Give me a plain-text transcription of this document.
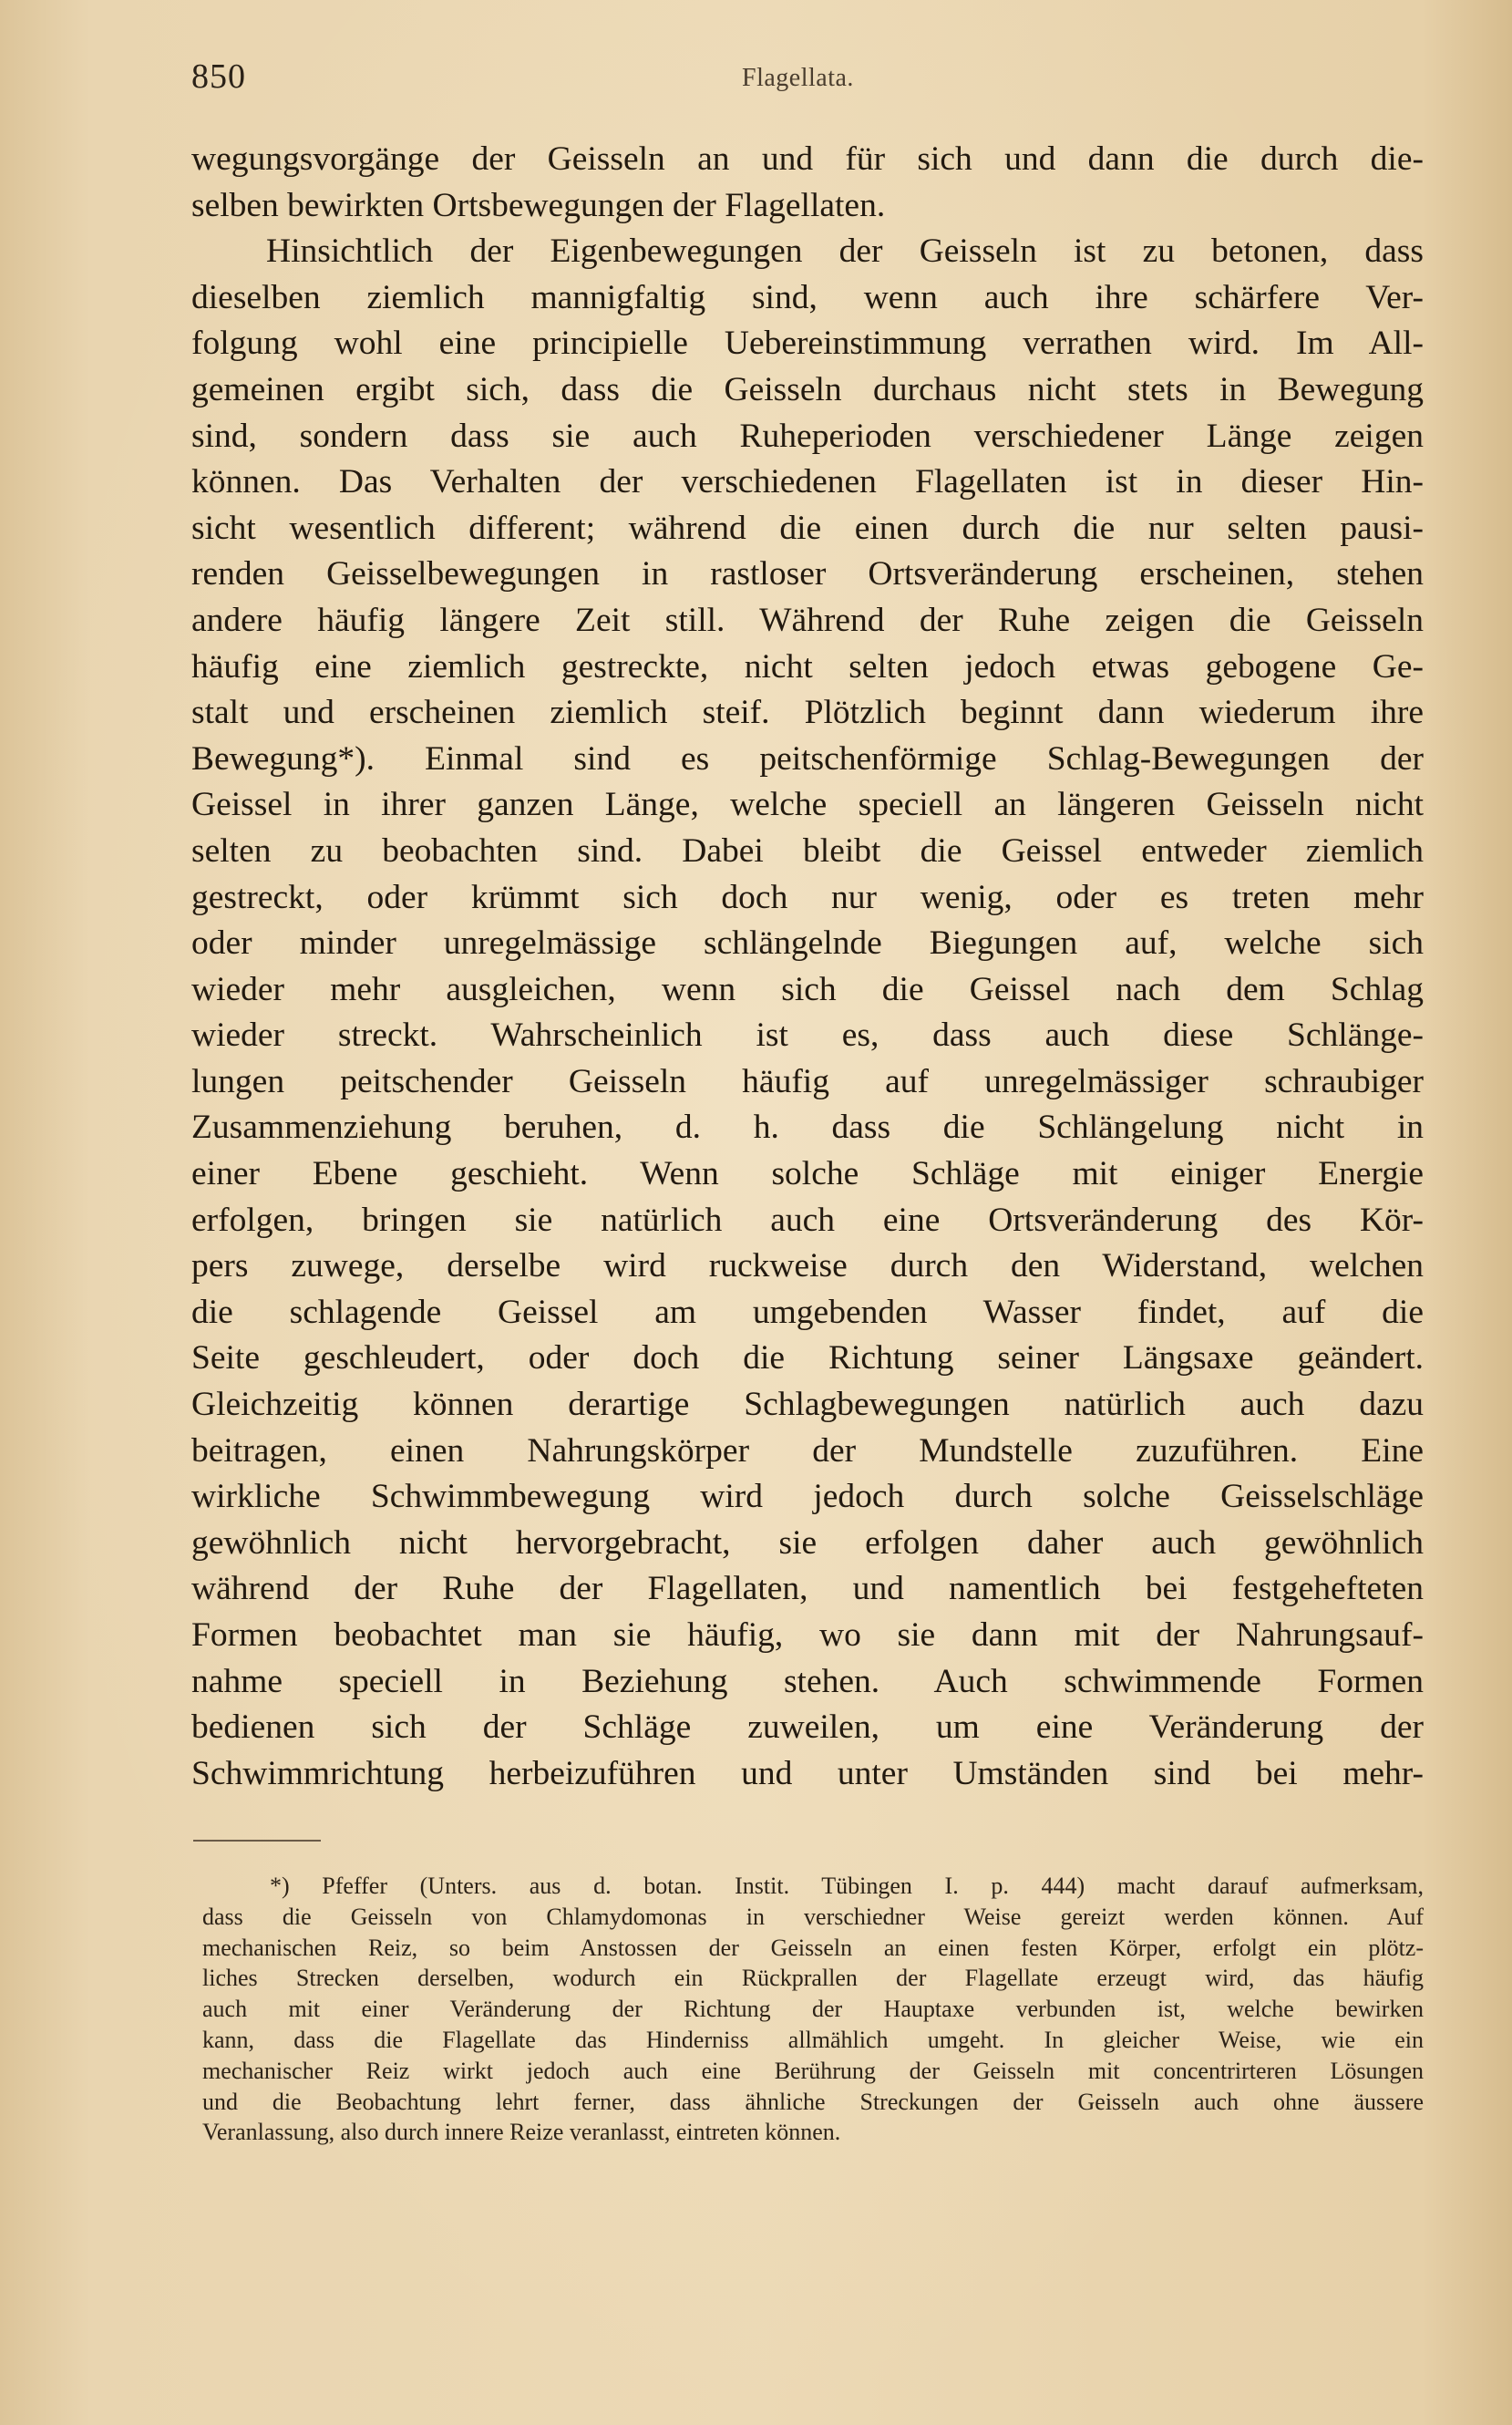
850	Flagellata.
wegungsvorgänge der Geisseln an und für sich und dann die durch die-
selben bewirkten Ortsbewegungen der Flagellaten.
Hinsichtlich der Eigenbewegungen der Geisseln ist zu betonen, dass
dieselben ziemlich mannigfaltig sind, wenn auch ihre schärfere Ver-
folgung wohl eine principielle Uebereinstimmung verrathen wird. Im All-
gemeinen ergibt sich, dass die Geisseln durchaus nicht stets in Bewegung
sind, sondern dass sie auch Ruheperioden verschiedener Länge zeigen
können. Das Verhalten der verschiedenen Flagellaten ist in dieser Hin-
sicht wesentlich different; während die einen durch die nur selten pausi-
renden Geisselbewegungen in rastloser Ortsveränderung erscheinen, stehen
andere häufig längere Zeit still. Während der Ruhe zeigen die Geisseln
häufig eine ziemlich gestreckte, nicht selten jedoch etwas gebogene Ge-
stalt und erscheinen ziemlich steif. Plötzlich beginnt dann wiederum ihre
Bewegung*). Einmal sind es peitschenförmige Schlag-Bewegungen der
Geissel in ihrer ganzen Länge, welche speciell an längeren Geisseln nicht
selten zu beobachten sind. Dabei bleibt die Geissel entweder ziemlich
gestreckt, oder krümmt sich doch nur wenig, oder es treten mehr
oder minder unregelmässige schlängelnde Biegungen auf, welche sich
wieder mehr ausgleichen, wenn sich die Geissel nach dem Schlag
wieder streckt. Wahrscheinlich ist es, dass auch diese Schlänge-
lungen peitschender Geisseln häufig auf unregelmässiger schraubiger
Zusammenziehung beruhen, d. h. dass die Schlängelung nicht in
einer Ebene geschieht. Wenn solche Schläge mit einiger Energie
erfolgen, bringen sie natürlich auch eine Ortsveränderung des Kör-
pers zuwege, derselbe wird ruckweise durch den Widerstand, welchen
die schlagende Geissel am umgebenden Wasser findet, auf die
Seite geschleudert, oder doch die Richtung seiner Längsaxe geändert.
Gleichzeitig können derartige Schlagbewegungen natürlich auch dazu
beitragen, einen Nahrungskörper der Mundstelle zuzuführen. Eine
wirkliche Schwimmbewegung wird jedoch durch solche Geisselschläge
gewöhnlich nicht hervorgebracht, sie erfolgen daher auch gewöhnlich
während der Ruhe der Flagellaten, und namentlich bei festgehefteten
Formen beobachtet man sie häufig, wo sie dann mit der Nahrungsauf-
nahme speciell in Beziehung stehen. Auch schwimmende Formen
bedienen sich der Schläge zuweilen, um eine Veränderung der
Schwimmrichtung herbeizuführen und unter Umständen sind bei mehr-
*) Pfeffer (Unters. aus d. botan. Instit. Tübingen I. p. 444) macht darauf aufmerksam,
dass die Geisseln von Chlamydomonas in verschiedner Weise gereizt werden können. Auf
mechanischen Reiz, so beim Anstossen der Geisseln an einen festen Körper, erfolgt ein plötz-
liches Strecken derselben, wodurch ein Rückprallen der Flagellate erzeugt wird, das häufig
auch mit einer Veränderung der Richtung der Hauptaxe verbunden ist, welche bewirken
kann, dass die Flagellate das Hinderniss allmählich umgeht. In gleicher Weise, wie ein
mechanischer Reiz wirkt jedoch auch eine Berührung der Geisseln mit concentrirteren Lösungen
und die Beobachtung lehrt ferner, dass ähnliche Streckungen der Geisseln auch ohne äussere
Veranlassung, also durch innere Reize veranlasst, eintreten können.
